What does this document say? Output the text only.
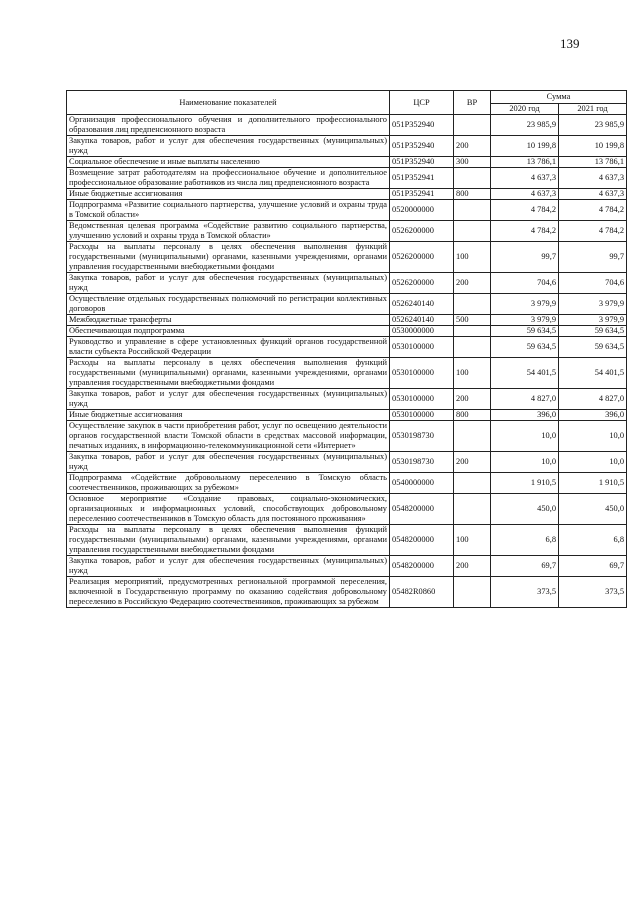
139
Наименование показателей	ЦСР	ВР	Сумма	
			2020 год	2021 год
Организация профессионального обучения и дополнительного профессионального образования лиц предпенсионного возраста	051P352940		23 985,9	23 985,9
Закупка товаров, работ и услуг для обеспечения государственных (муниципальных) нужд	051P352940	200	10 199,8	10 199,8
Социальное обеспечение и иные выплаты населению	051P352940	300	13 786,1	13 786,1
Возмещение затрат работодателям на профессиональное обучение и дополнительное профессиональное образование работников из числа лиц предпенсионного возраста	051P352941		4 637,3	4 637,3
Иные бюджетные ассигнования	051P352941	800	4 637,3	4 637,3
Подпрограмма «Развитие социального партнерства, улучшение условий и охраны труда в Томской области»	0520000000		4 784,2	4 784,2
Ведомственная целевая программа «Содействие развитию социального партнерства, улучшению условий и охраны труда в Томской области»	0526200000		4 784,2	4 784,2
Расходы на выплаты персоналу в целях обеспечения выполнения функций государственными (муниципальными) органами, казенными учреждениями, органами управления государственными внебюджетными фондами	0526200000	100	99,7	99,7
Закупка товаров, работ и услуг для обеспечения государственных (муниципальных) нужд	0526200000	200	704,6	704,6
Осуществление отдельных государственных полномочий по регистрации коллективных договоров	0526240140		3 979,9	3 979,9
Межбюджетные трансферты	0526240140	500	3 979,9	3 979,9
Обеспечивающая подпрограмма	0530000000		59 634,5	59 634,5
Руководство и управление в сфере установленных функций органов государственной власти субъекта Российской Федерации	0530100000		59 634,5	59 634,5
Расходы на выплаты персоналу в целях обеспечения выполнения функций государственными (муниципальными) органами, казенными учреждениями, органами управления государственными внебюджетными фондами	0530100000	100	54 401,5	54 401,5
Закупка товаров, работ и услуг для обеспечения государственных (муниципальных) нужд	0530100000	200	4 827,0	4 827,0
Иные бюджетные ассигнования	0530100000	800	396,0	396,0
Осуществление закупок в части приобретения работ, услуг по освещению деятельности органов государственной власти Томской области в средствах массовой информации, печатных изданиях, в информационно-телекоммуникационной сети «Интернет»	0530198730		10,0	10,0
Закупка товаров, работ и услуг для обеспечения государственных (муниципальных) нужд	0530198730	200	10,0	10,0
Подпрограмма «Содействие добровольному переселению в Томскую область соотечественников, проживающих за рубежом»	0540000000		1 910,5	1 910,5
Основное мероприятие «Создание правовых, социально-экономических, организационных и информационных условий, способствующих добровольному переселению соотечественников в Томскую область для постоянного проживания»	0548200000		450,0	450,0
Расходы на выплаты персоналу в целях обеспечения выполнения функций государственными (муниципальными) органами, казенными учреждениями, органами управления государственными внебюджетными фондами	0548200000	100	6,8	6,8
Закупка товаров, работ и услуг для обеспечения государственных (муниципальных) нужд	0548200000	200	69,7	69,7
Реализация мероприятий, предусмотренных региональной программой переселения, включенной в Государственную программу по оказанию содействия добровольному переселению в Российскую Федерацию соотечественников, проживающих за рубежом	05482R0860		373,5	373,5
